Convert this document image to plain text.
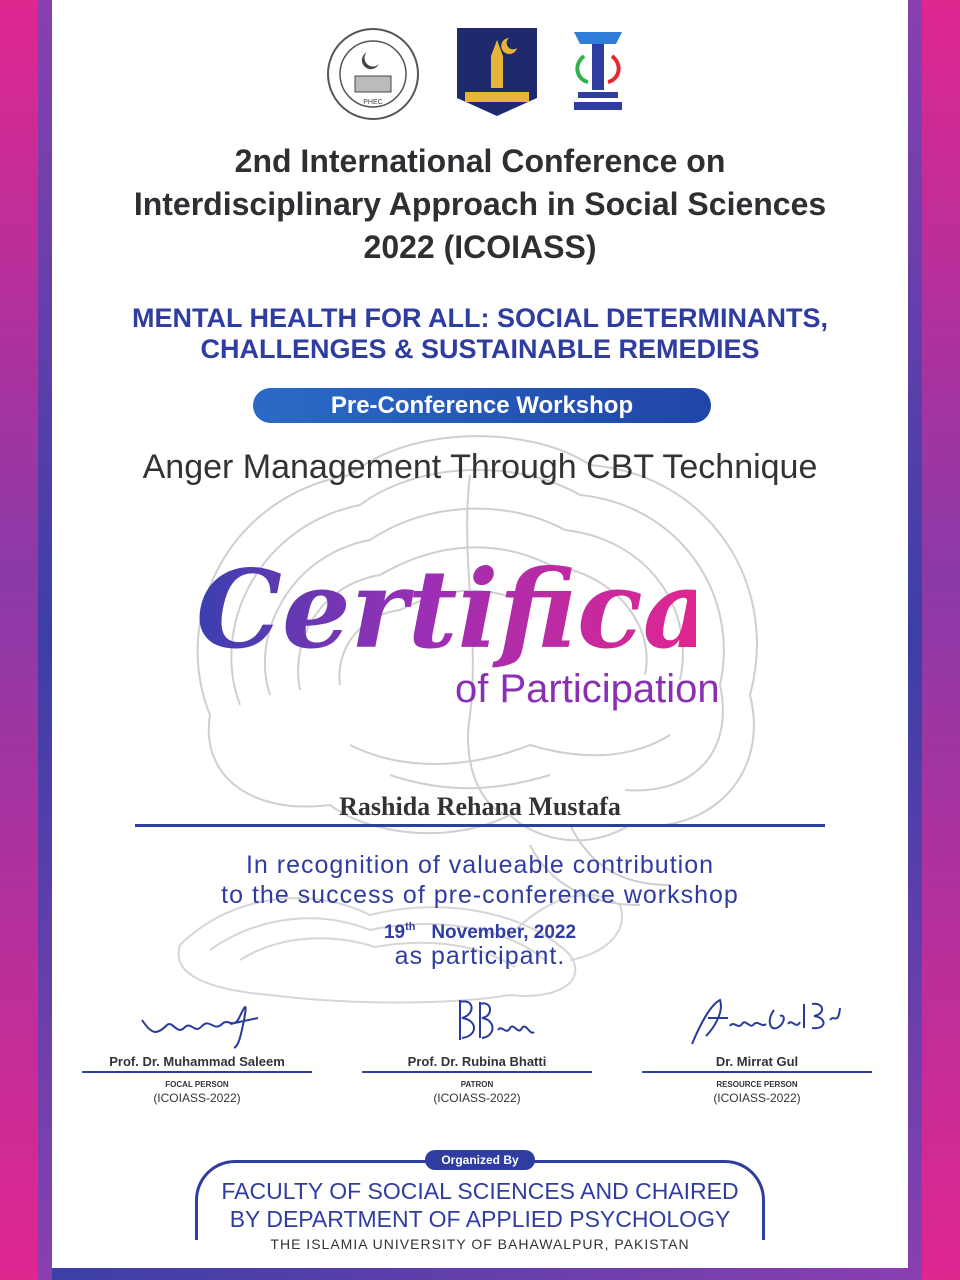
PHEC
2nd International Conference on
Interdisciplinary Approach in Social Sciences
2022 (ICOIASS)
MENTAL HEALTH FOR ALL: SOCIAL DETERMINANTS,
CHALLENGES & SUSTAINABLE REMEDIES
Pre-Conference Workshop
Anger Management Through CBT Technique
Certificate
of Participation
Rashida Rehana Mustafa
In recognition of valueable contribution
to the success of pre-conference workshop
19th November, 2022
as participant.
Prof. Dr. Muhammad Saleem
FOCAL PERSON
(ICOIASS-2022)
Prof. Dr. Rubina Bhatti
PATRON
(ICOIASS-2022)
Dr. Mirrat Gul
RESOURCE PERSON
(ICOIASS-2022)
Organized By
FACULTY OF SOCIAL SCIENCES AND CHAIRED
BY DEPARTMENT OF APPLIED PSYCHOLOGY
THE ISLAMIA UNIVERSITY OF BAHAWALPUR, PAKISTAN
